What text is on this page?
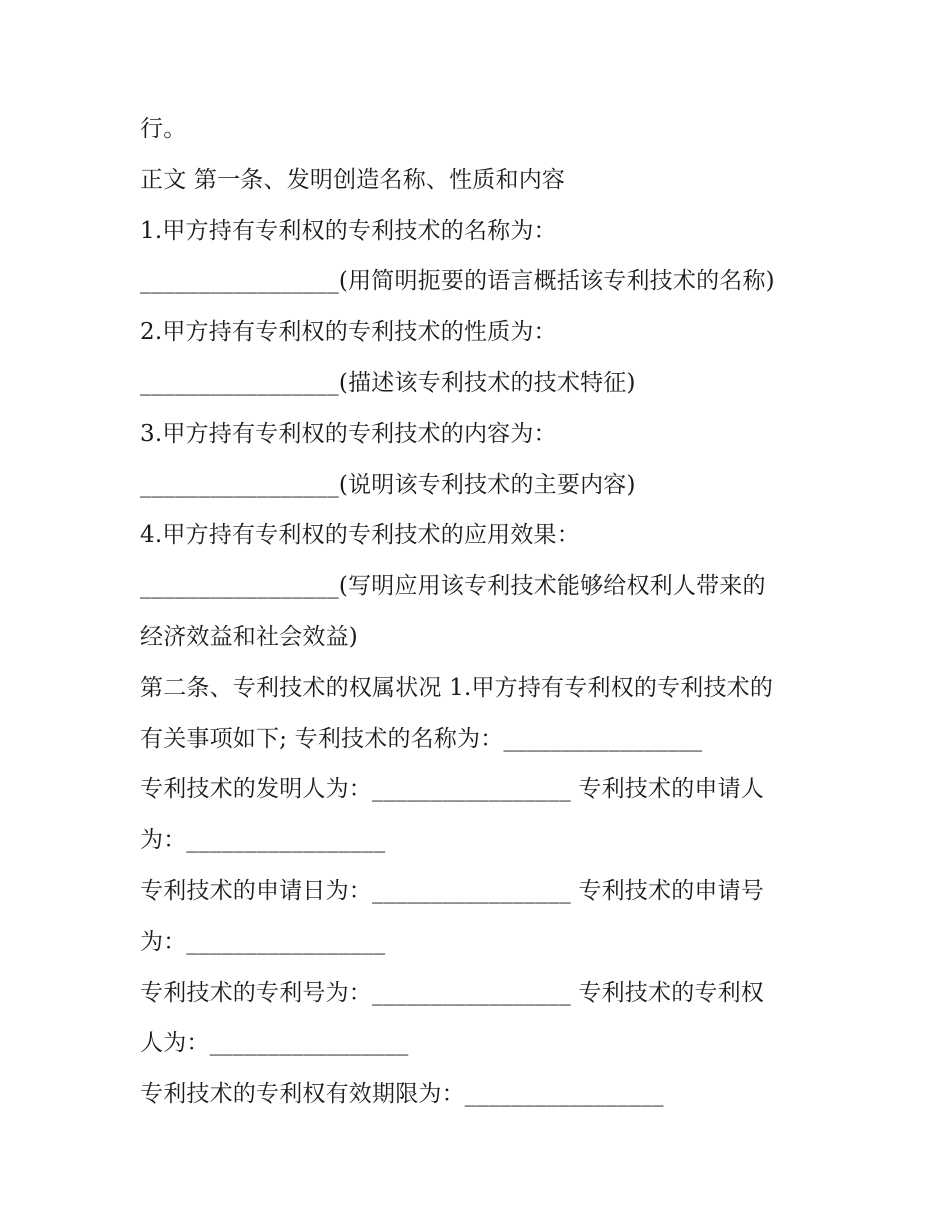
行。
正文 第一条、发明创造名称、性质和内容
1.甲方持有专利权的专利技术的名称为：
_________________(用简明扼要的语言概括该专利技术的名称)
2.甲方持有专利权的专利技术的性质为：
_________________(描述该专利技术的技术特征)
3.甲方持有专利权的专利技术的内容为：
_________________(说明该专利技术的主要内容)
4.甲方持有专利权的专利技术的应用效果：
_________________(写明应用该专利技术能够给权利人带来的
经济效益和社会效益)
第二条、专利技术的权属状况 1.甲方持有专利权的专利技术的
有关事项如下; 专利技术的名称为：_________________
专利技术的发明人为：_________________ 专利技术的申请人
为：_________________
专利技术的申请日为：_________________ 专利技术的申请号
为：_________________
专利技术的专利号为：_________________ 专利技术的专利权
人为：_________________
专利技术的专利权有效期限为：_________________
